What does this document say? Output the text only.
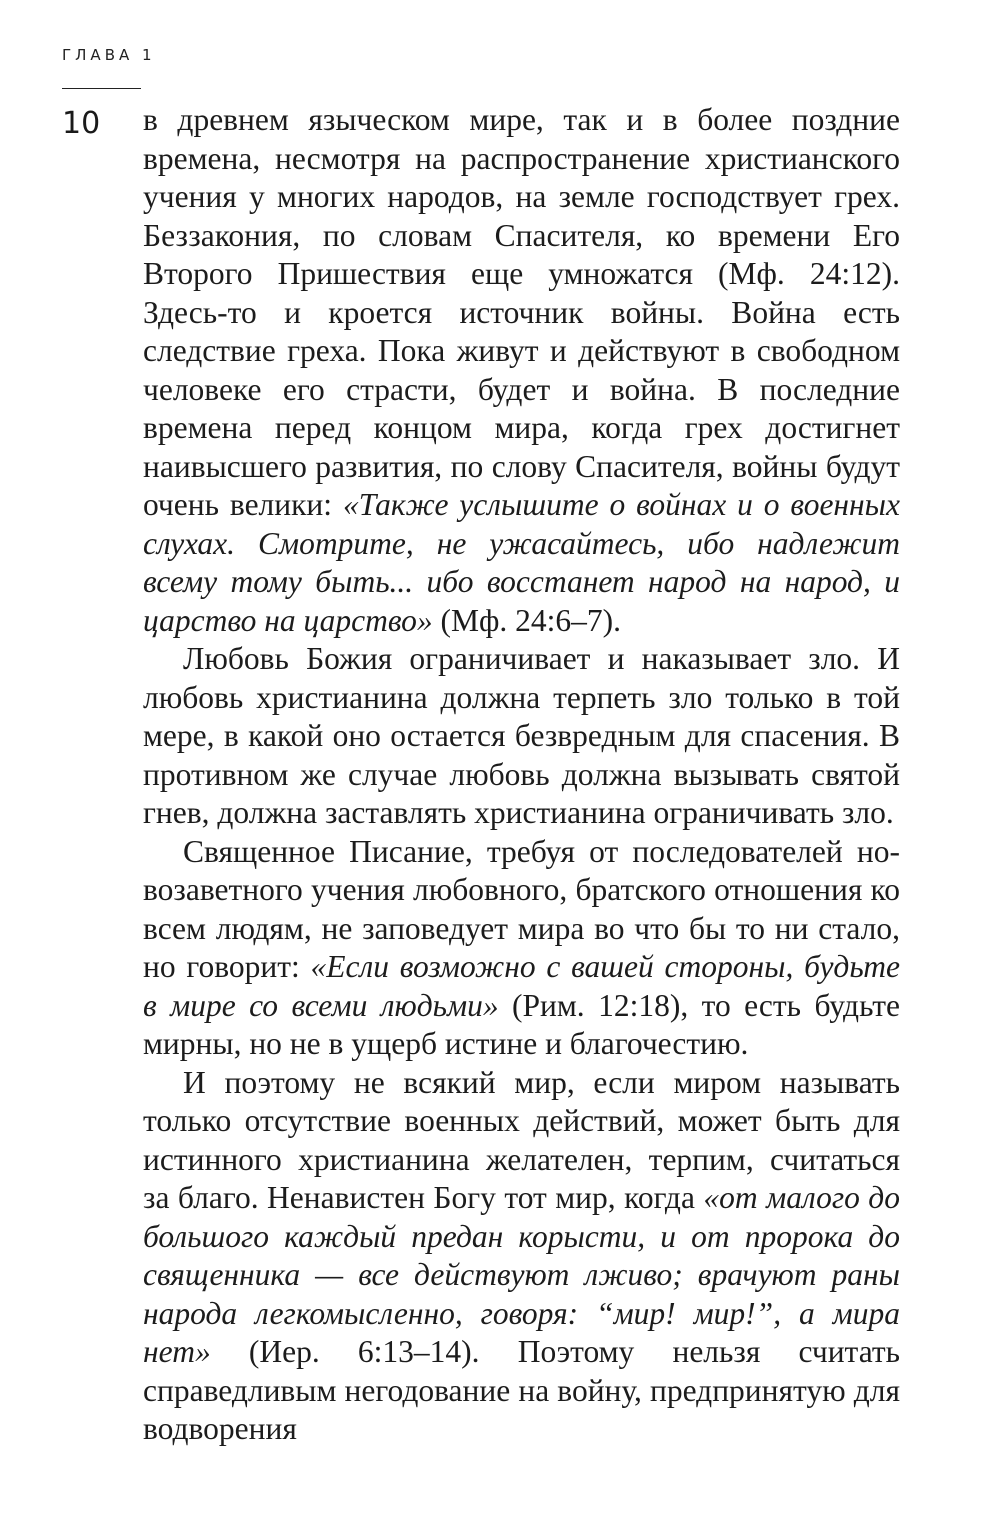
ГЛАВА 1
10 в древнем языческом мире, так и в более поздние времена, несмотря на распространение христианского учения у многих народов, на земле господствует грех. Беззакония, по словам Спасителя, ко времени Его Второго Пришествия еще умножатся (Мф. 24:12). Здесь-то и кроется источник войны. Война есть следствие греха. Пока живут и действуют в свободном человеке его страсти, будет и война. В последние времена перед концом мира, когда грех достигнет наивысшего развития, по слову Спасителя, войны будут очень велики: «Также услышите о войнах и о военных слухах. Смотрите, не ужасайтесь, ибо надлежит всему тому быть... ибо восстанет народ на народ, и царство на царство» (Мф. 24:6–7).

Любовь Божия ограничивает и наказывает зло. И любовь христианина должна терпеть зло только в той мере, в какой оно остается безвредным для спасения. В противном же случае любовь должна вызывать святой гнев, должна заставлять христианина ограничивать зло.

Священное Писание, требуя от последователей новозаветного учения любовного, братского отношения ко всем людям, не заповедует мира во что бы то ни стало, но говорит: «Если возможно с вашей стороны, будьте в мире со всеми людьми» (Рим. 12:18), то есть будьте мирны, но не в ущерб истине и благочестию.

И поэтому не всякий мир, если миром называть только отсутствие военных действий, может быть для истинного христианина желателен, терпим, считаться за благо. Ненавистен Богу тот мир, когда «от малого до большого каждый предан корысти, и от пророка до священника — все действуют лживо; врачуют раны народа легкомысленно, говоря: “мир! мир!”, а мира нет» (Иер. 6:13–14). Поэтому нельзя считать справедливым негодование на войну, предпринятую для водворения
